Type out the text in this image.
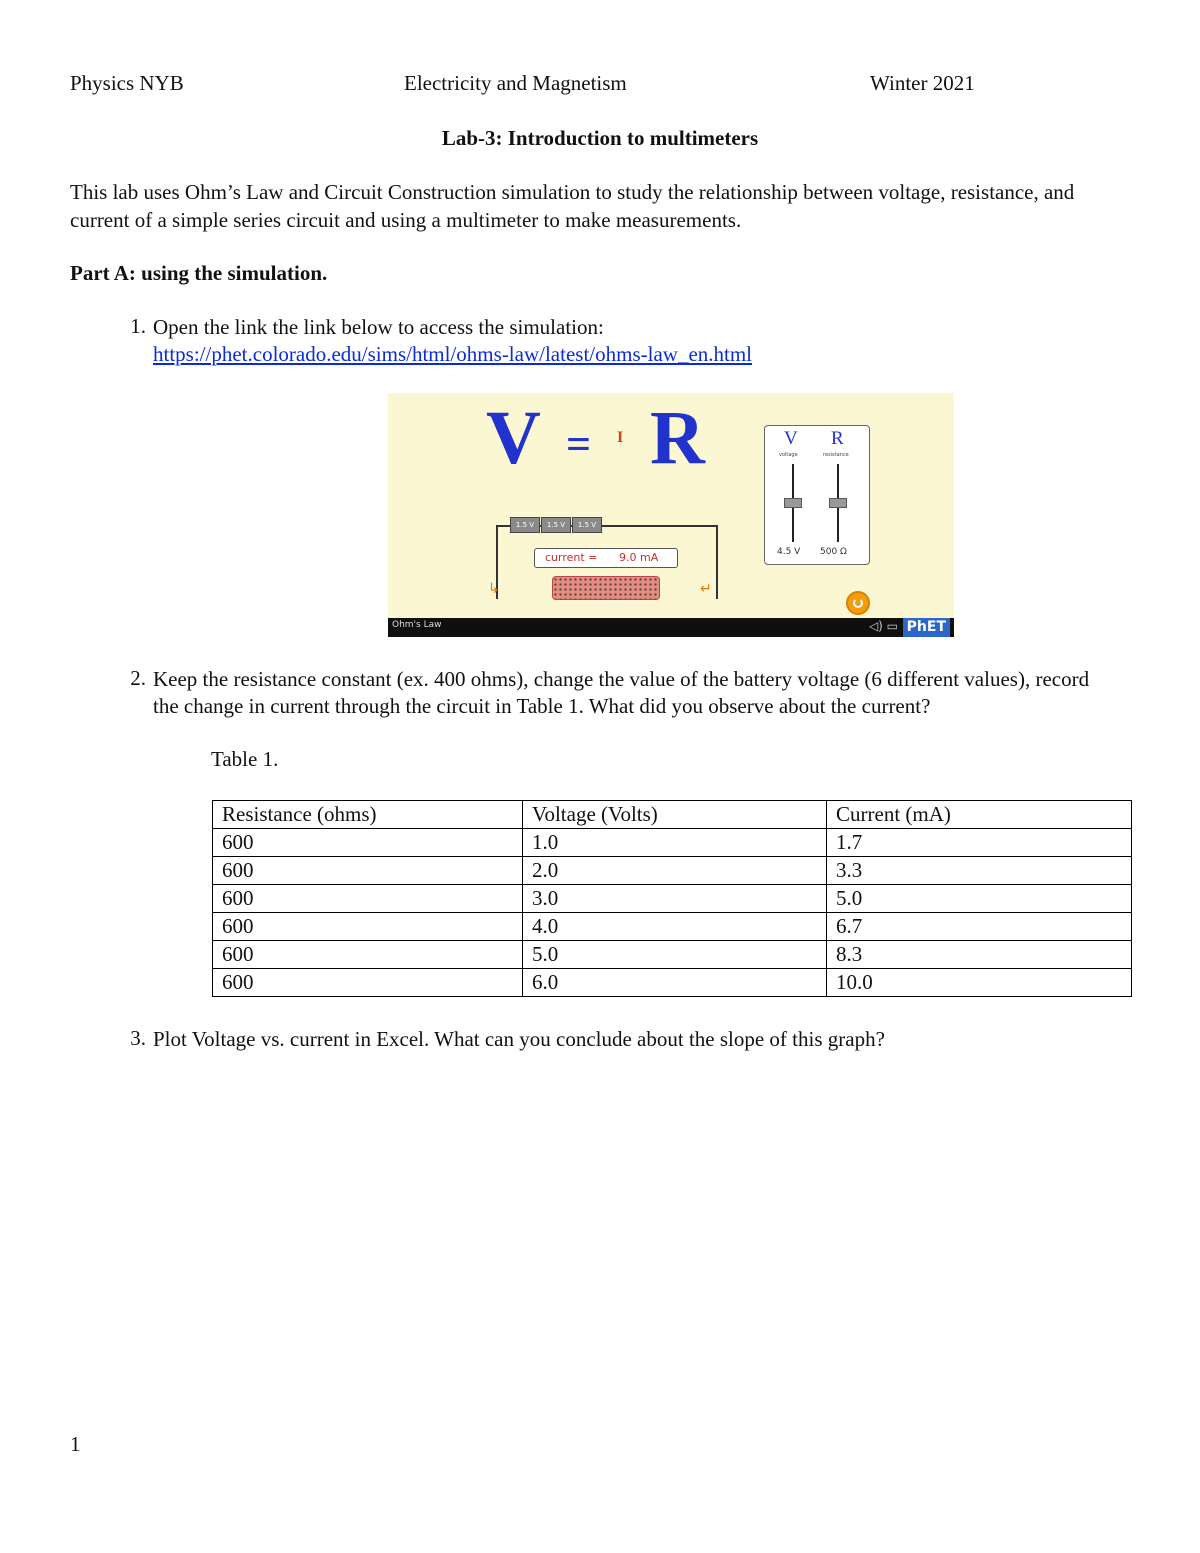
Physics NYB	Electricity and Magnetism	Winter 2021
Lab-3: Introduction to multimeters
This lab uses Ohm’s Law and Circuit Construction simulation to study the relationship between voltage, resistance, and current of a simple series circuit and using a multimeter to make measurements.
Part A: using the simulation.
1. Open the link the link below to access the simulation:
https://phet.colorado.edu/sims/html/ohms-law/latest/ohms-law_en.html
V = I R	V R
voltage	resistance
4.5 V 500 Ω
1.5 V	1.5 V	1.5 V
current = 9.0 mA
↳	↵
Ohm's Law	◁) ▭ PhET
2. Keep the resistance constant (ex. 400 ohms), change the value of the battery voltage (6 different values), record the change in current through the circuit in Table 1. What did you observe about the current?
Table 1.
Resistance (ohms)	Voltage (Volts)	Current (mA)
600	1.0	1.7
600	2.0	3.3
600	3.0	5.0
600	4.0	6.7
600	5.0	8.3
600	6.0	10.0
3. Plot Voltage vs. current in Excel. What can you conclude about the slope of this graph?
1
